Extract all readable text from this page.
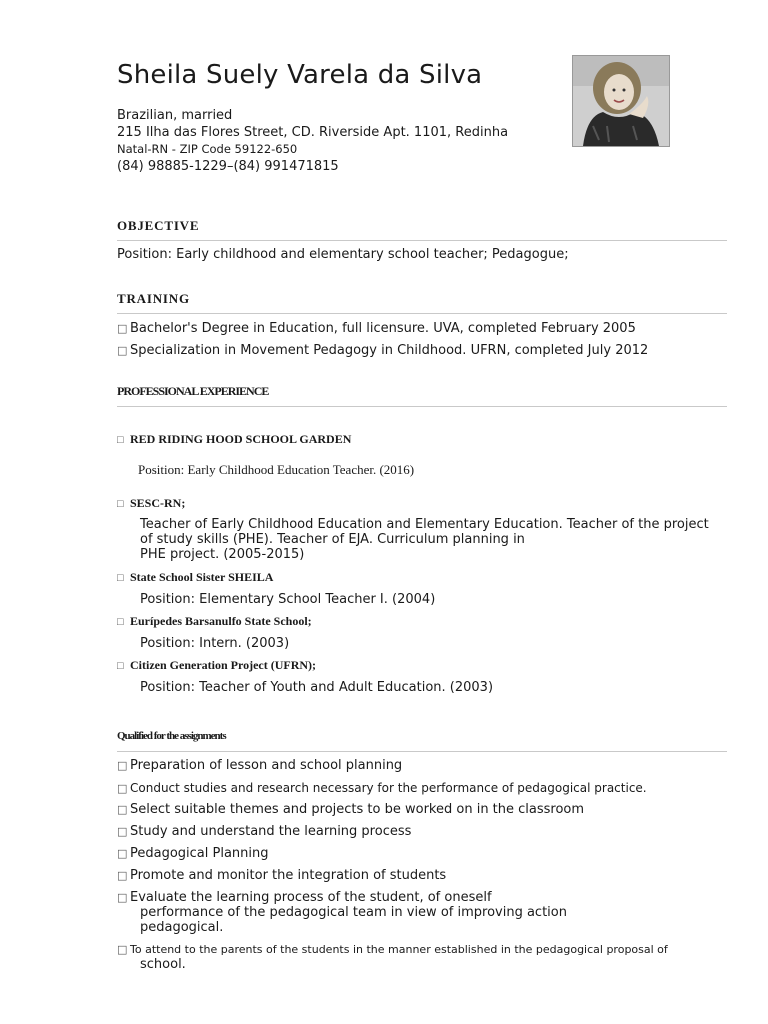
Sheila Suely Varela da Silva
Brazilian, married
215 Ilha das Flores Street, CD. Riverside Apt. 1101, Redinha
Natal-RN - ZIP Code 59122-650
(84) 98885-1229–(84) 991471815
OBJECTIVE
Position: Early childhood and elementary school teacher; Pedagogue;
TRAINING
□ Bachelor's Degree in Education, full licensure. UVA, completed February 2005
□ Specialization in Movement Pedagogy in Childhood. UFRN, completed July 2012
PROFESSIONAL EXPERIENCE
□ RED RIDING HOOD SCHOOL GARDEN
Position: Early Childhood Education Teacher. (2016)
□ SESC-RN;
Teacher of Early Childhood Education and Elementary Education. Teacher of the project
of study skills (PHE). Teacher of EJA. Curriculum planning in
PHE project. (2005-2015)
□ State School Sister SHEILA
Position: Elementary School Teacher I. (2004)
□ Eurípedes Barsanulfo State School;
Position: Intern. (2003)
□ Citizen Generation Project (UFRN);
Position: Teacher of Youth and Adult Education. (2003)
Qualified for the assignments
□ Preparation of lesson and school planning
□ Conduct studies and research necessary for the performance of pedagogical practice.
□ Select suitable themes and projects to be worked on in the classroom
□ Study and understand the learning process
□ Pedagogical Planning
□ Promote and monitor the integration of students
□ Evaluate the learning process of the student, of oneself
performance of the pedagogical team in view of improving action
pedagogical.
□ To attend to the parents of the students in the manner established in the pedagogical proposal of
school.
